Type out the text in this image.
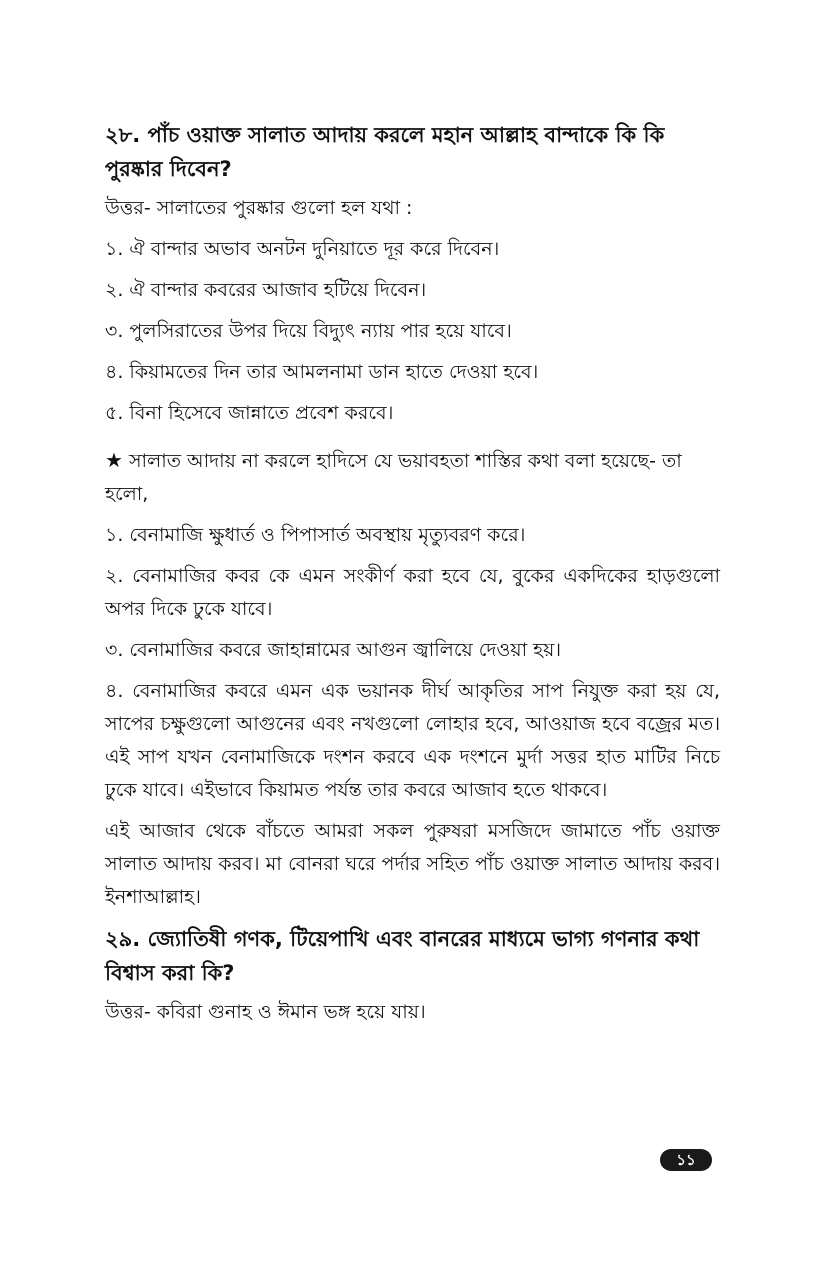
২৮. পাঁচ ওয়াক্ত সালাত আদায় করলে মহান আল্লাহ বান্দাকে কি কি পুরষ্কার দিবেন?
উত্তর- সালাতের পুরষ্কার গুলো হল যথা :
১. ঐ বান্দার অভাব অনটন দুনিয়াতে দূর করে দিবেন।
২. ঐ বান্দার কবরের আজাব হটিয়ে দিবেন।
৩. পুলসিরাতের উপর দিয়ে বিদ্যুৎ ন্যায় পার হয়ে যাবে।
৪. কিয়ামতের দিন তার আমলনামা ডান হাতে দেওয়া হবে।
৫. বিনা হিসেবে জান্নাতে প্রবেশ করবে।
★ সালাত আদায় না করলে হাদিসে যে ভয়াবহতা শাস্তির কথা বলা হয়েছে- তা হলো,
১. বেনামাজি ক্ষুধার্ত ও পিপাসার্ত অবস্থায় মৃত্যুবরণ করে।
২. বেনামাজির কবর কে এমন সংকীর্ণ করা হবে যে, বুকের একদিকের হাড়গুলো অপর দিকে ঢুকে যাবে।
৩. বেনামাজির কবরে জাহান্নামের আগুন জ্বালিয়ে দেওয়া হয়।
৪. বেনামাজির কবরে এমন এক ভয়ানক দীর্ঘ আকৃতির সাপ নিযুক্ত করা হয় যে, সাপের চক্ষুগুলো আগুনের এবং নখগুলো লোহার হবে, আওয়াজ হবে বজ্রের মত। এই সাপ যখন বেনামাজিকে দংশন করবে এক দংশনে মুর্দা সত্তর হাত মাটির নিচে ঢুকে যাবে। এইভাবে কিয়ামত পর্যন্ত তার কবরে আজাব হতে থাকবে।
এই আজাব থেকে বাঁচতে আমরা সকল পুরুষরা মসজিদে জামাতে পাঁচ ওয়াক্ত সালাত আদায় করব। মা বোনরা ঘরে পর্দার সহিত পাঁচ ওয়াক্ত সালাত আদায় করব। ইনশাআল্লাহ।
২৯. জ্যোতিষী গণক, টিয়েপাখি এবং বানরের মাধ্যমে ভাগ্য গণনার কথা বিশ্বাস করা কি?
উত্তর- কবিরা গুনাহ ও ঈমান ভঙ্গ হয়ে যায়।
১১
